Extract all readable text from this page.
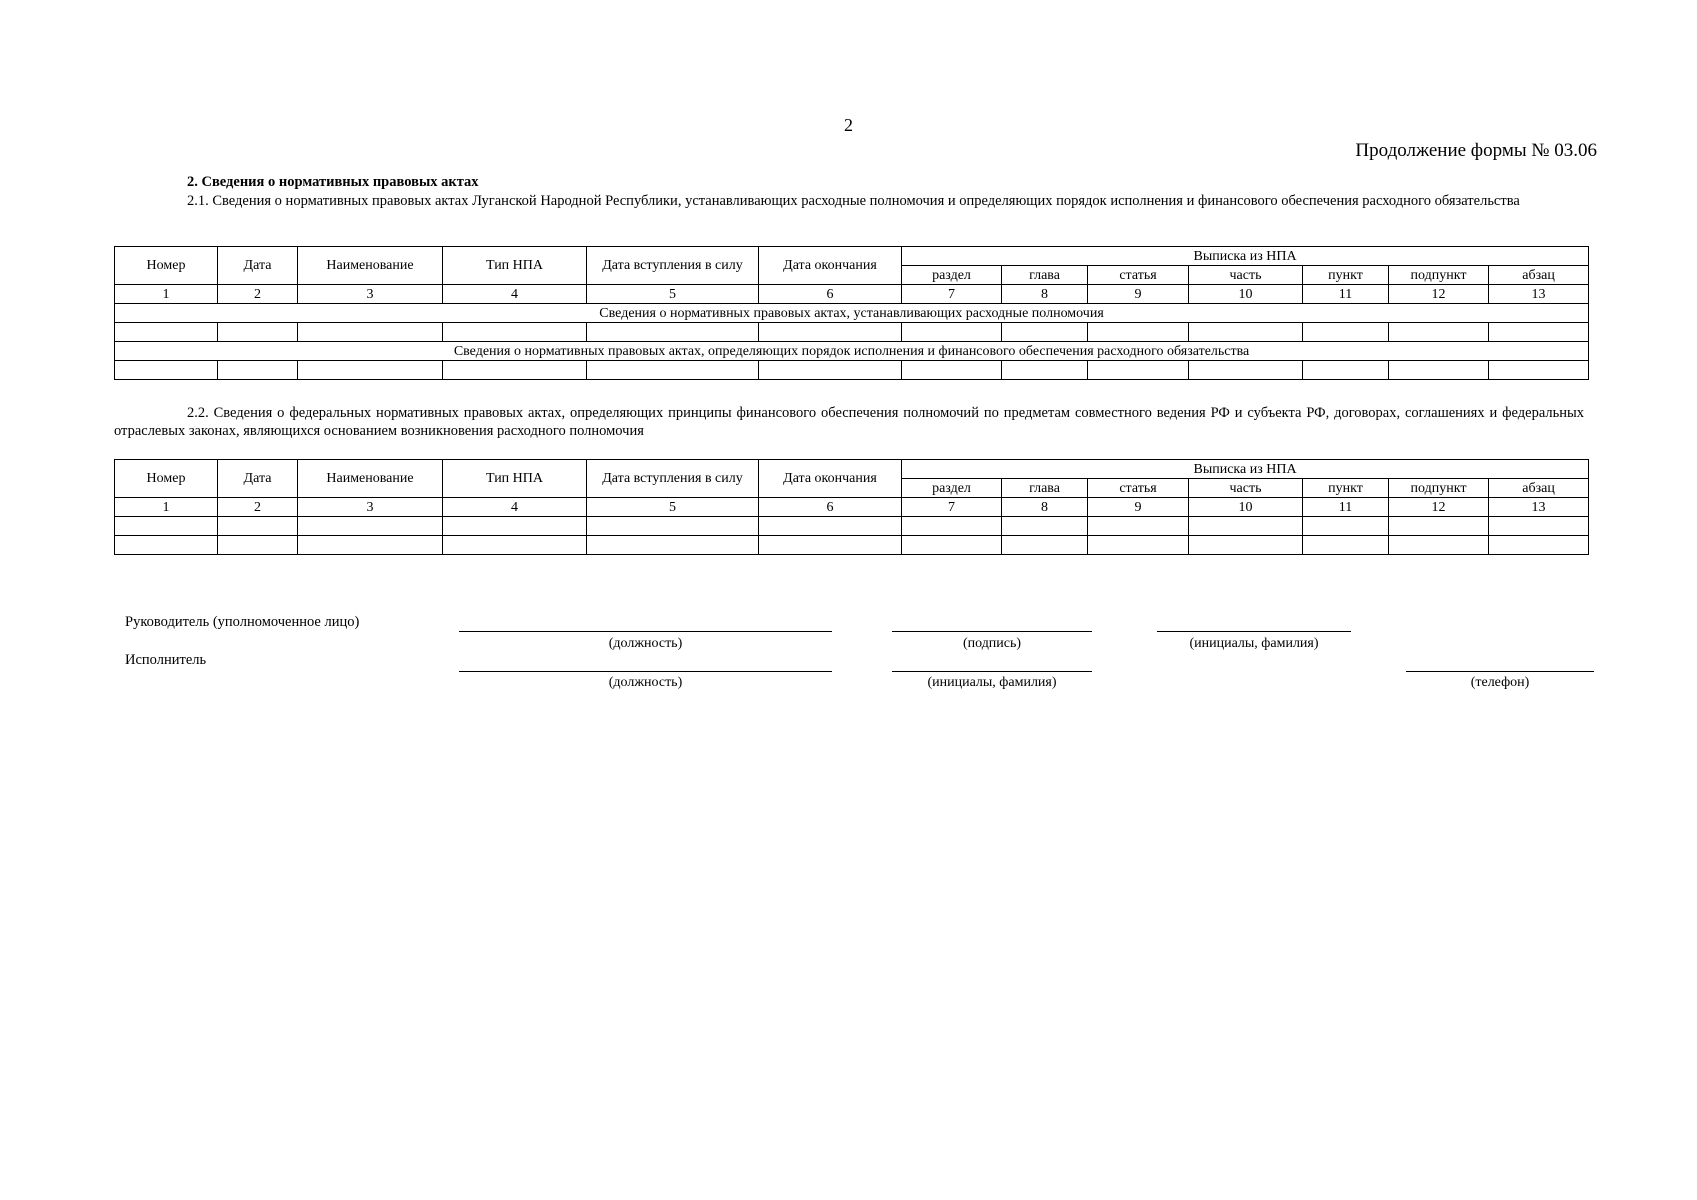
2
Продолжение формы № 03.06
2. Сведения о нормативных правовых актах
2.1. Сведения о нормативных правовых актах Луганской Народной Республики, устанавливающих расходные полномочия и определяющих порядок исполнения и финансового обеспечения расходного обязательства
Номер	Дата	Наименование	Тип НПА	Дата вступления в силу	Дата окончания	Выписка из НПА						
						раздел	глава	статья	часть	пункт	подпункт	абзац
1	2	3	4	5	6	7	8	9	10	11	12	13
Сведения о нормативных правовых актах, устанавливающих расходные полномочия												

Сведения о нормативных правовых актах, определяющих порядок исполнения и финансового обеспечения расходного обязательства												

2.2. Сведения о федеральных нормативных правовых актах, определяющих принципы финансового обеспечения полномочий по предметам совместного ведения РФ и субъекта РФ, договорах, соглашениях и федеральных отраслевых законах, являющихся основанием возникновения расходного полномочия
Номер	Дата	Наименование	Тип НПА	Дата вступления в силу	Дата окончания	Выписка из НПА						
						раздел	глава	статья	часть	пункт	подпункт	абзац
1	2	3	4	5	6	7	8	9	10	11	12	13

Руководитель (уполномоченное лицо)
(должность)	(подпись)	(инициалы, фамилия)
Исполнитель
(должность)	(инициалы, фамилия)	(телефон)
